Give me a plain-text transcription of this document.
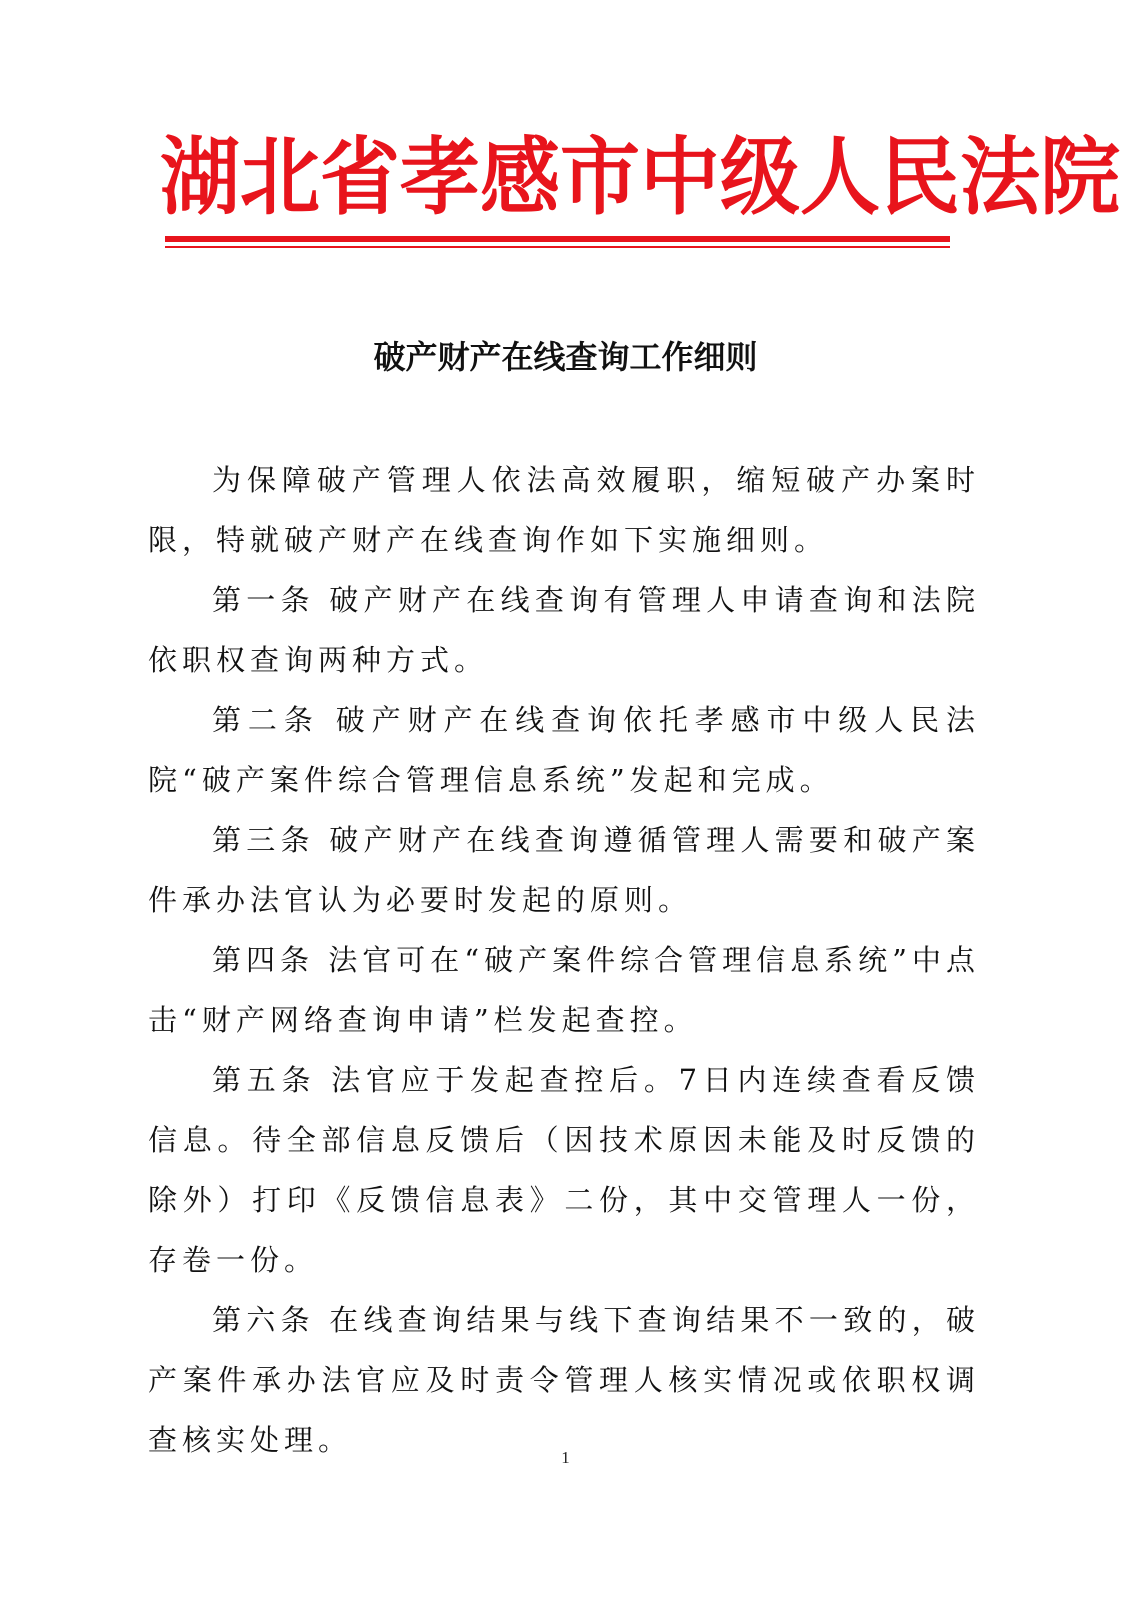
湖北省孝感市中级人民法院
破产财产在线查询工作细则

为保障破产管理人依法高效履职，缩短破产办案时限，特就破产财产在线查询作如下实施细则。

第一条 破产财产在线查询有管理人申请查询和法院依职权查询两种方式。

第二条 破产财产在线查询依托孝感市中级人民法院“破产案件综合管理信息系统”发起和完成。

第三条 破产财产在线查询遵循管理人需要和破产案件承办法官认为必要时发起的原则。

第四条 法官可在“破产案件综合管理信息系统”中点击“财产网络查询申请”栏发起查控。

第五条 法官应于发起查控后。7日内连续查看反馈信息。待全部信息反馈后（因技术原因未能及时反馈的除外）打印《反馈信息表》二份，其中交管理人一份，存卷一份。

第六条 在线查询结果与线下查询结果不一致的，破产案件承办法官应及时责令管理人核实情况或依职权调查核实处理。

1
